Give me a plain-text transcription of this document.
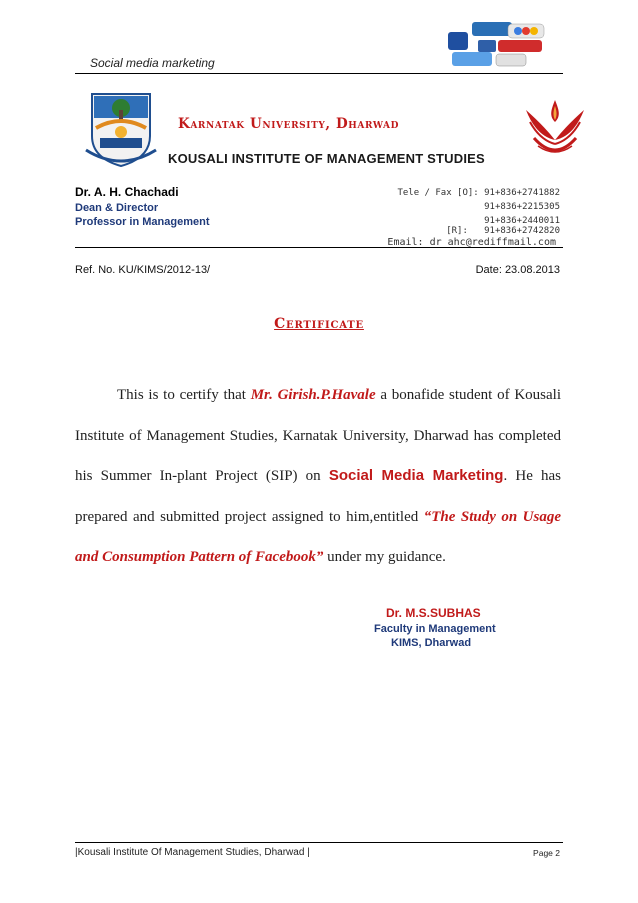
Social media marketing
Karnatak University, Dharwad
KOUSALI INSTITUTE OF MANAGEMENT STUDIES
Dr. A. H. Chachadi
Dean & Director
Professor in Management
Tele / Fax [O]: 91+836+2741882
91+836+2215305
91+836+2440011
[R]:   91+836+2742820
Email: dr_ahc@rediffmail.com
Ref. No. KU/KIMS/2012-13/	Date: 23.08.2013
Certificate

This is to certify that Mr. Girish.P.Havale a bonafide student of Kousali Institute of Management Studies, Karnatak University, Dharwad has completed his Summer In-plant Project (SIP) on Social Media Marketing. He has prepared and submitted project assigned to him,entitled “The Study on Usage and Consumption Pattern of Facebook” under my guidance.

Dr. M.S.SUBHAS
Faculty in Management
KIMS, Dharwad
|Kousali Institute Of Management Studies, Dharwad |	Page 2
